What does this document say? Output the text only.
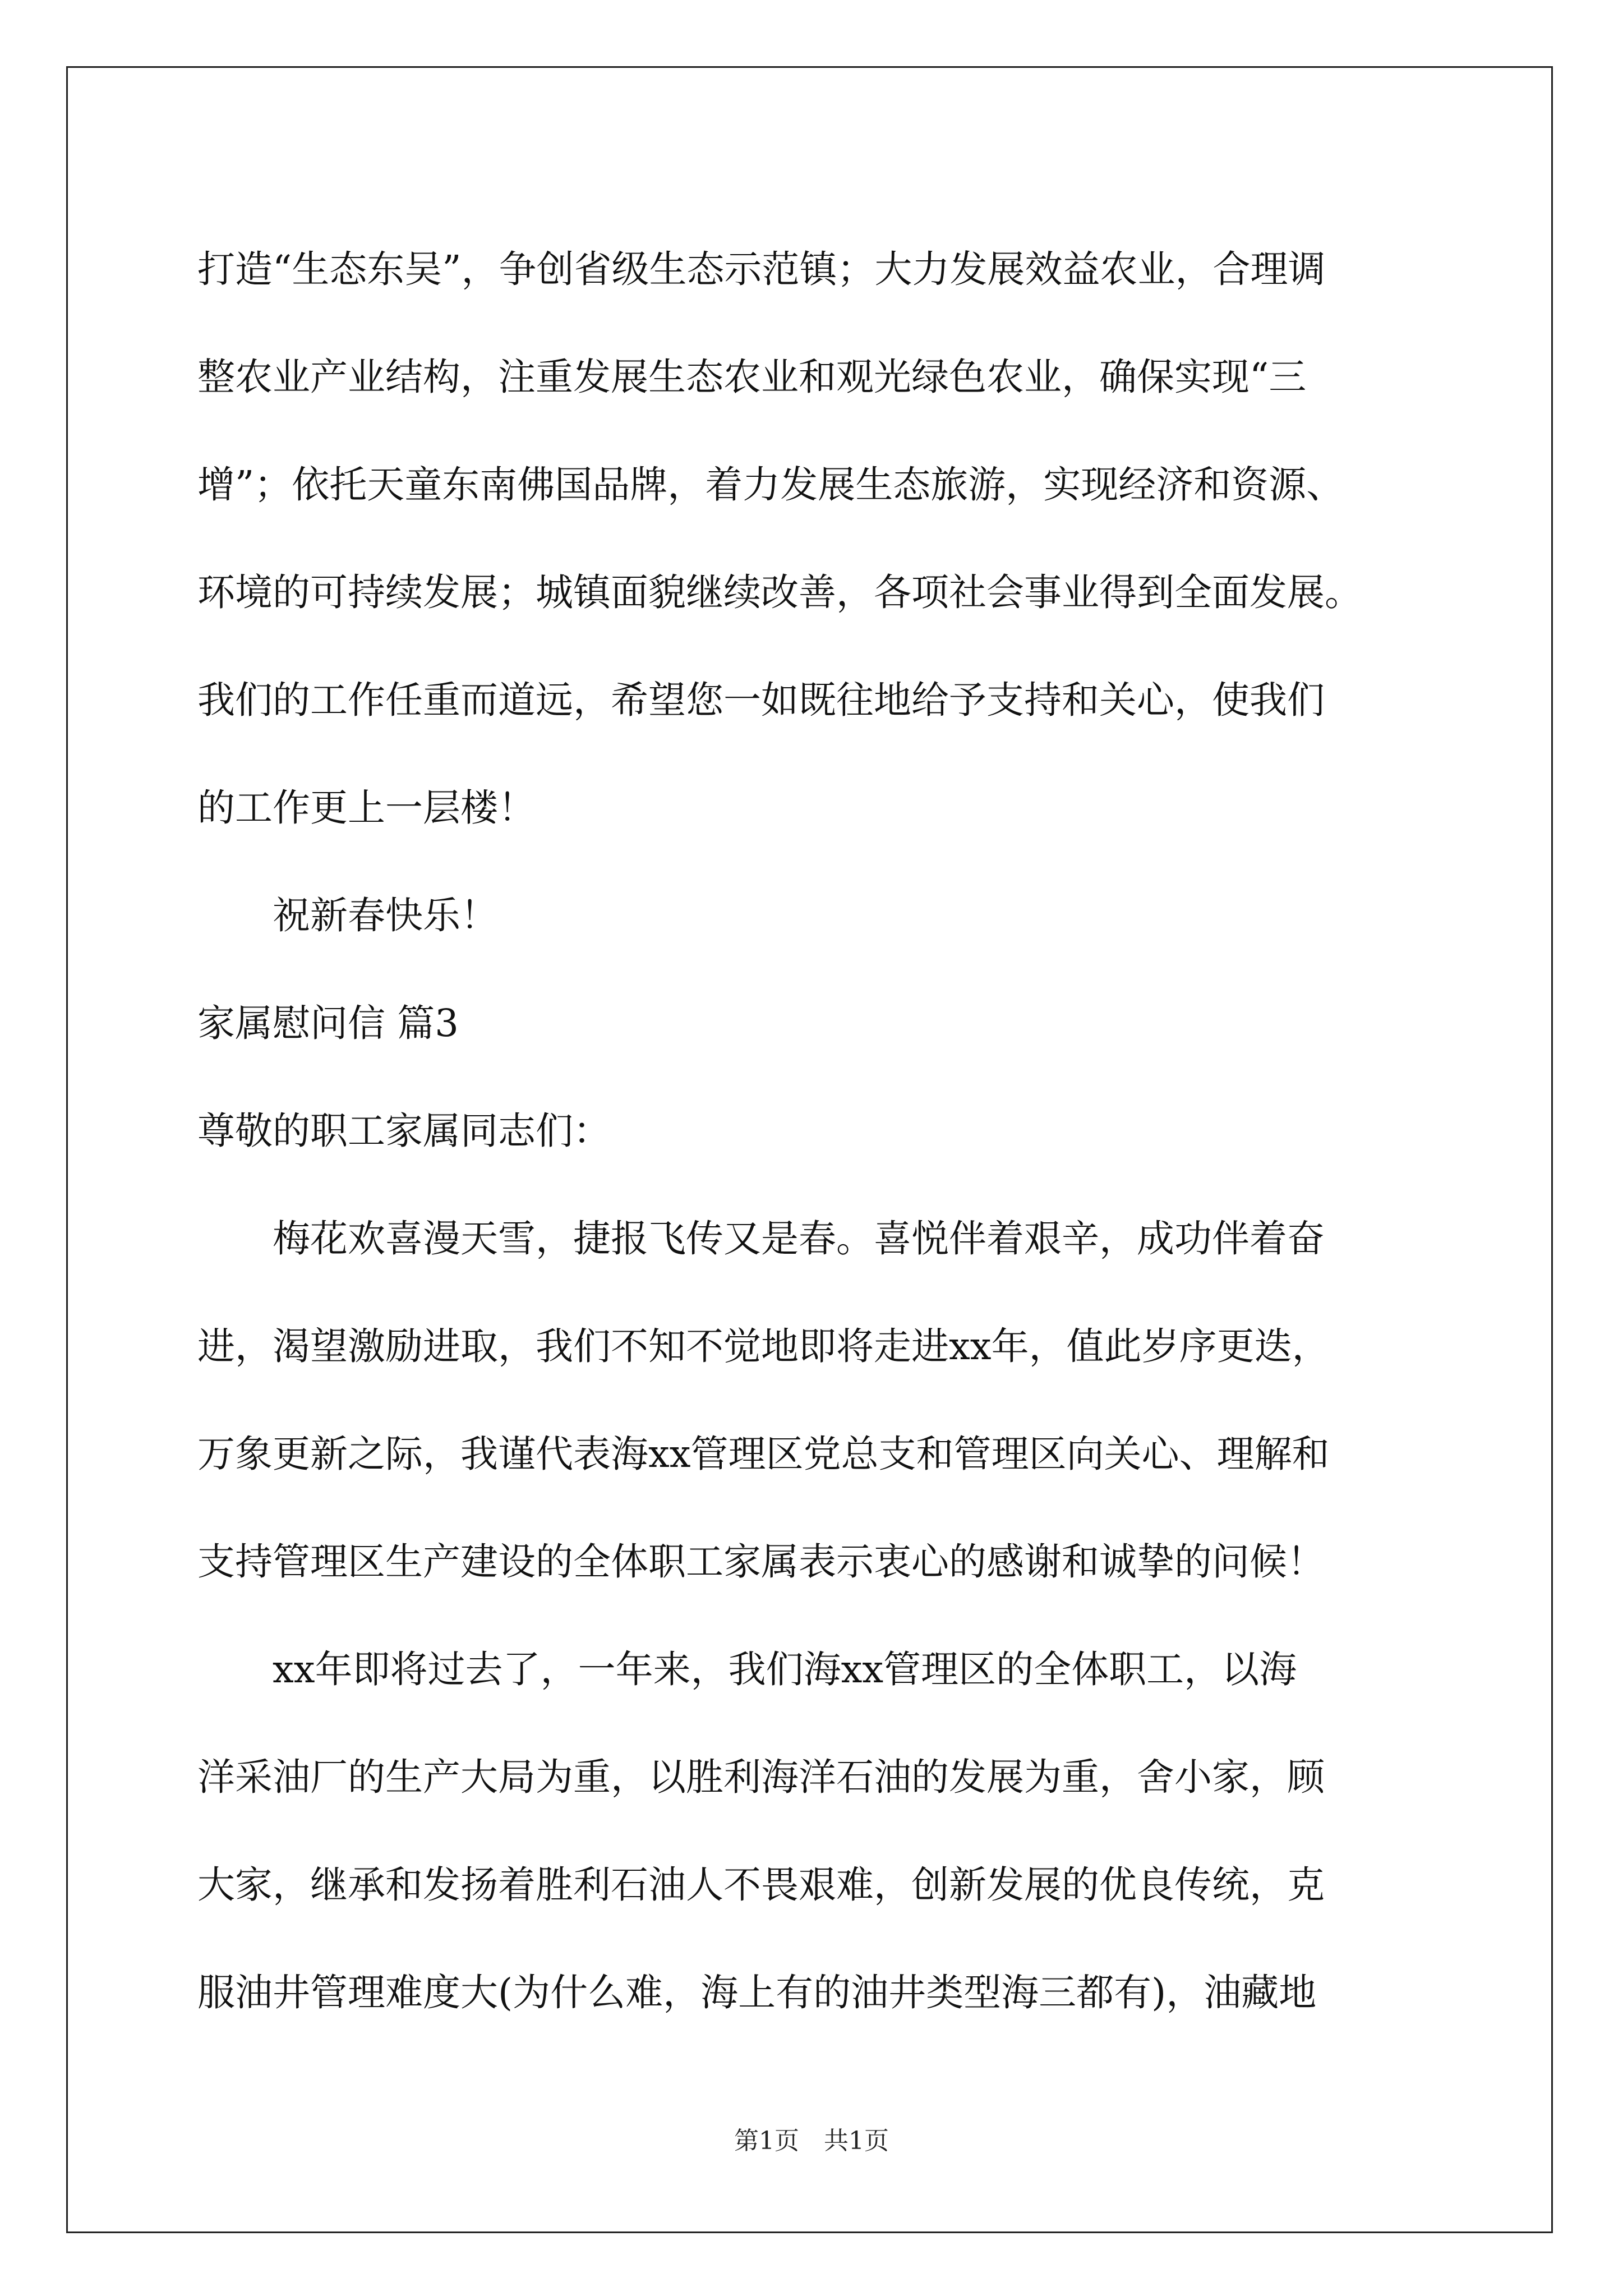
打造“生态东吴”，争创省级生态示范镇；大力发展效益农业，合理调
整农业产业结构，注重发展生态农业和观光绿色农业，确保实现“三
增”；依托天童东南佛国品牌，着力发展生态旅游，实现经济和资源、
环境的可持续发展；城镇面貌继续改善，各项社会事业得到全面发展。
我们的工作任重而道远，希望您一如既往地给予支持和关心，使我们
的工作更上一层楼！
祝新春快乐！
家属慰问信 篇3
尊敬的职工家属同志们：
梅花欢喜漫天雪，捷报飞传又是春。喜悦伴着艰辛，成功伴着奋
进，渴望激励进取，我们不知不觉地即将走进xx年，值此岁序更迭，
万象更新之际，我谨代表海xx管理区党总支和管理区向关心、理解和
支持管理区生产建设的全体职工家属表示衷心的感谢和诚挚的问候！
xx年即将过去了，一年来，我们海xx管理区的全体职工，以海
洋采油厂的生产大局为重，以胜利海洋石油的发展为重，舍小家，顾
大家，继承和发扬着胜利石油人不畏艰难，创新发展的优良传统，克
服油井管理难度大(为什么难，海上有的油井类型海三都有)，油藏地
第1页　共1页
